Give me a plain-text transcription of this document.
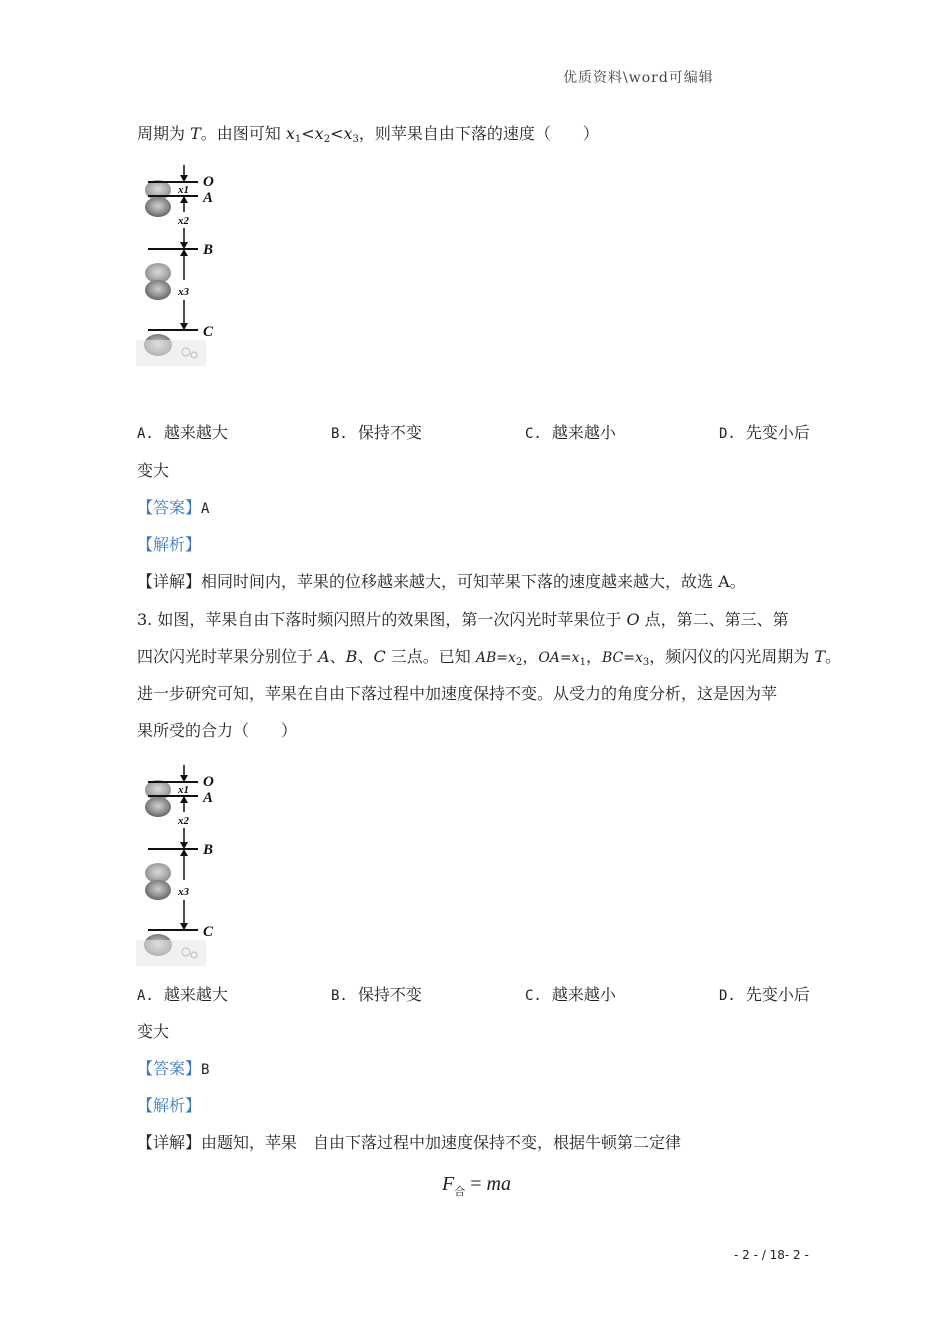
优质资料\word可编辑
周期为 T。由图可知 $x_1<x_2<x_3$，则苹果自由下落的速度（　　）
O
A
B
C
x1
x2
x3
A. 越来越大	B. 保持不变	C. 越来越小	D. 先变小后
变大
【答案】A
【解析】
【详解】相同时间内，苹果的位移越来越大，可知苹果下落的速度越来越大，故选 A。
3. 如图，苹果自由下落时频闪照片的效果图，第一次闪光时苹果位于 O 点，第二、第三、第
四次闪光时苹果分别位于 A、B、C 三点。已知 $AB=x_2$，$OA=x_1$，$BC=x_3$，频闪仪的闪光周期为 T。
进一步研究可知，苹果在自由下落过程中加速度保持不变。从受力的角度分析，这是因为苹
果所受的合力（　　）
O
A
B
C
x1
x2
x3
A. 越来越大	B. 保持不变	C. 越来越小	D. 先变小后
变大
【答案】B
【解析】
【详解】由题知，苹果　自由下落过程中加速度保持不变，根据牛顿第二定律
$F_合$ = ma
- 2 - / 18- 2 -
